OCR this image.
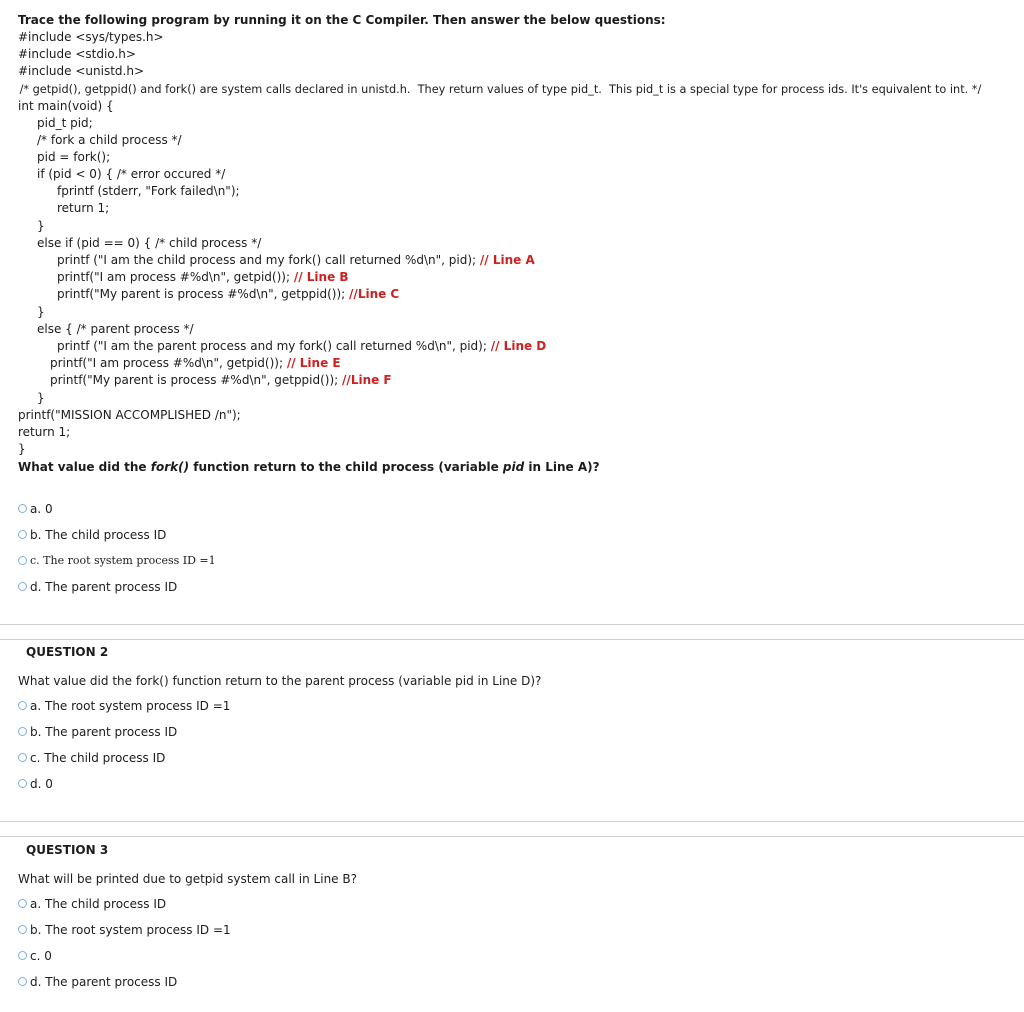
Trace the following program by running it on the C Compiler. Then answer the below questions:
#include <sys/types.h>
#include <stdio.h>
#include <unistd.h>
/* getpid(), getppid() and fork() are system calls declared in unistd.h.  They return values of type pid_t.  This pid_t is a special type for process ids. It's equivalent to int. */
int main(void) {
pid_t pid;
/* fork a child process */
pid = fork();
if (pid < 0) { /* error occured */
fprintf (stderr, "Fork failed\n");
return 1;
}
else if (pid == 0) { /* child process */
printf ("I am the child process and my fork() call returned %d\n", pid); // Line A
printf("I am process #%d\n", getpid()); // Line B
printf("My parent is process #%d\n", getppid()); //Line C
}
else { /* parent process */
printf ("I am the parent process and my fork() call returned %d\n", pid); // Line D
printf("I am process #%d\n", getpid()); // Line E
printf("My parent is process #%d\n", getppid()); //Line F
}
printf("MISSION ACCOMPLISHED /n");
return 1;
}
What value did the fork() function return to the child process (variable pid in Line A)?
a. 0
b. The child process ID
c. The root system process ID =1
d. The parent process ID
QUESTION 2
What value did the fork() function return to the parent process (variable pid in Line D)?
a. The root system process ID =1
b. The parent process ID
c. The child process ID
d. 0
QUESTION 3
What will be printed due to getpid system call in Line B?
a. The child process ID
b. The root system process ID =1
c. 0
d. The parent process ID
